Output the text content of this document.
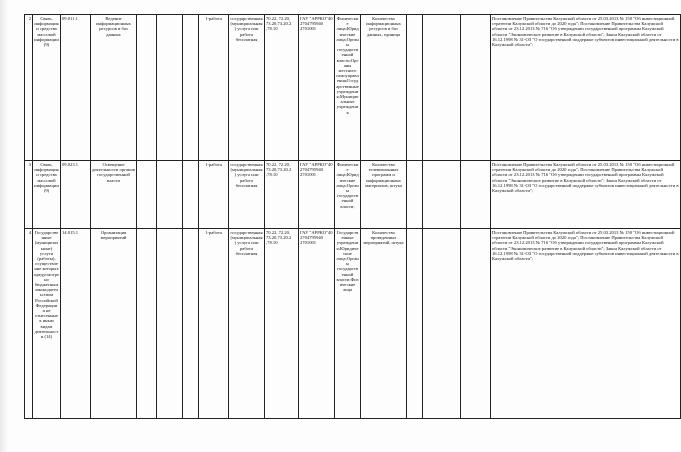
2	Связь, информация и средства массовой информации (9)	09.011.1	Ведение информационных ресурсов и баз данных				1-работа	государственная (муниципальная) услуга или работа бесплатная	70.22, 72.20, 73.20,73.20.2 ,78.10	ГАУ "АРРКО"40 2704795940 2701001	Физические лица;Юридические лица;Органы государственной власти;Органы местного самоуправления;Государственные учреждения;Муниципальные учреждения	Количество информационных ресурсов и баз данных, единица				Постановление Правительства Калужской области от 25.03.2013 № 150 "Об инвестиционной стратегии Калужской области до 2020 года"; Постановление Правительства Калужской области от 23.12.2013 № 716 "Об утверждении государственной программы Калужской области "Экономическое развитие в Калужской области"; Закон Калужской области от 16.12.1998 № 31-ОЗ "О государственной поддержке субъектов инвестиционной деятельности в Калужской области";
3	Связь, информация и средства массовой информации (9)	09.023.1	Освещение деятельности органов государственной власти				1-работа	государственная (муниципальная) услуга или работа бесплатная	70.22, 72.20, 73.20,73.20.2 ,78.10	ГАУ "АРРКО"40 2704795940 2701001	Физические лица;Юридические лица;Органы государственной власти;	Количество телевизионных программ и информационных материалов, штука				Постановление Правительства Калужской области от 25.03.2013 № 150 "Об инвестиционной стратегии Калужской области до 2020 года"; Постановление Правительства Калужской области от 23.12.2013 № 716 "Об утверждении государственной программы Калужской области "Экономическое развитие в Калужской области"; Закон Калужской области от 16.12.1998 № 31-ОЗ "О государственной поддержке субъектов инвестиционной деятельности в Калужской области";
4	Государственные (муниципальные) услуги (работы), осуществление которых предусмотрено бюджетным законодательством Российской Федерации и не отнесенные к иным видам деятельности (14)	14.015.1	Организация мероприятий				1-работа	государственная (муниципальная) услуга или работа бесплатная	70.22, 72.20, 73.20,73.20.2 ,78.10	ГАУ "АРРКО"40 2704795940 2701001	Государственные учреждения;Юридические лица;Органы государственной власти;Физические лица	Количество проведенных мероприятий, штука				Постановление Правительства Калужской области от 25.03.2013 № 150 "Об инвестиционной стратегии Калужской области до 2020 года"; Постановление Правительства Калужской области от 23.12.2013 № 716 "Об утверждении государственной программы Калужской области "Экономическое развитие в Калужской области"; Закон Калужской области от 16.12.1998 № 31-ОЗ "О государственной поддержке субъектов инвестиционной деятельности в Калужской области";
